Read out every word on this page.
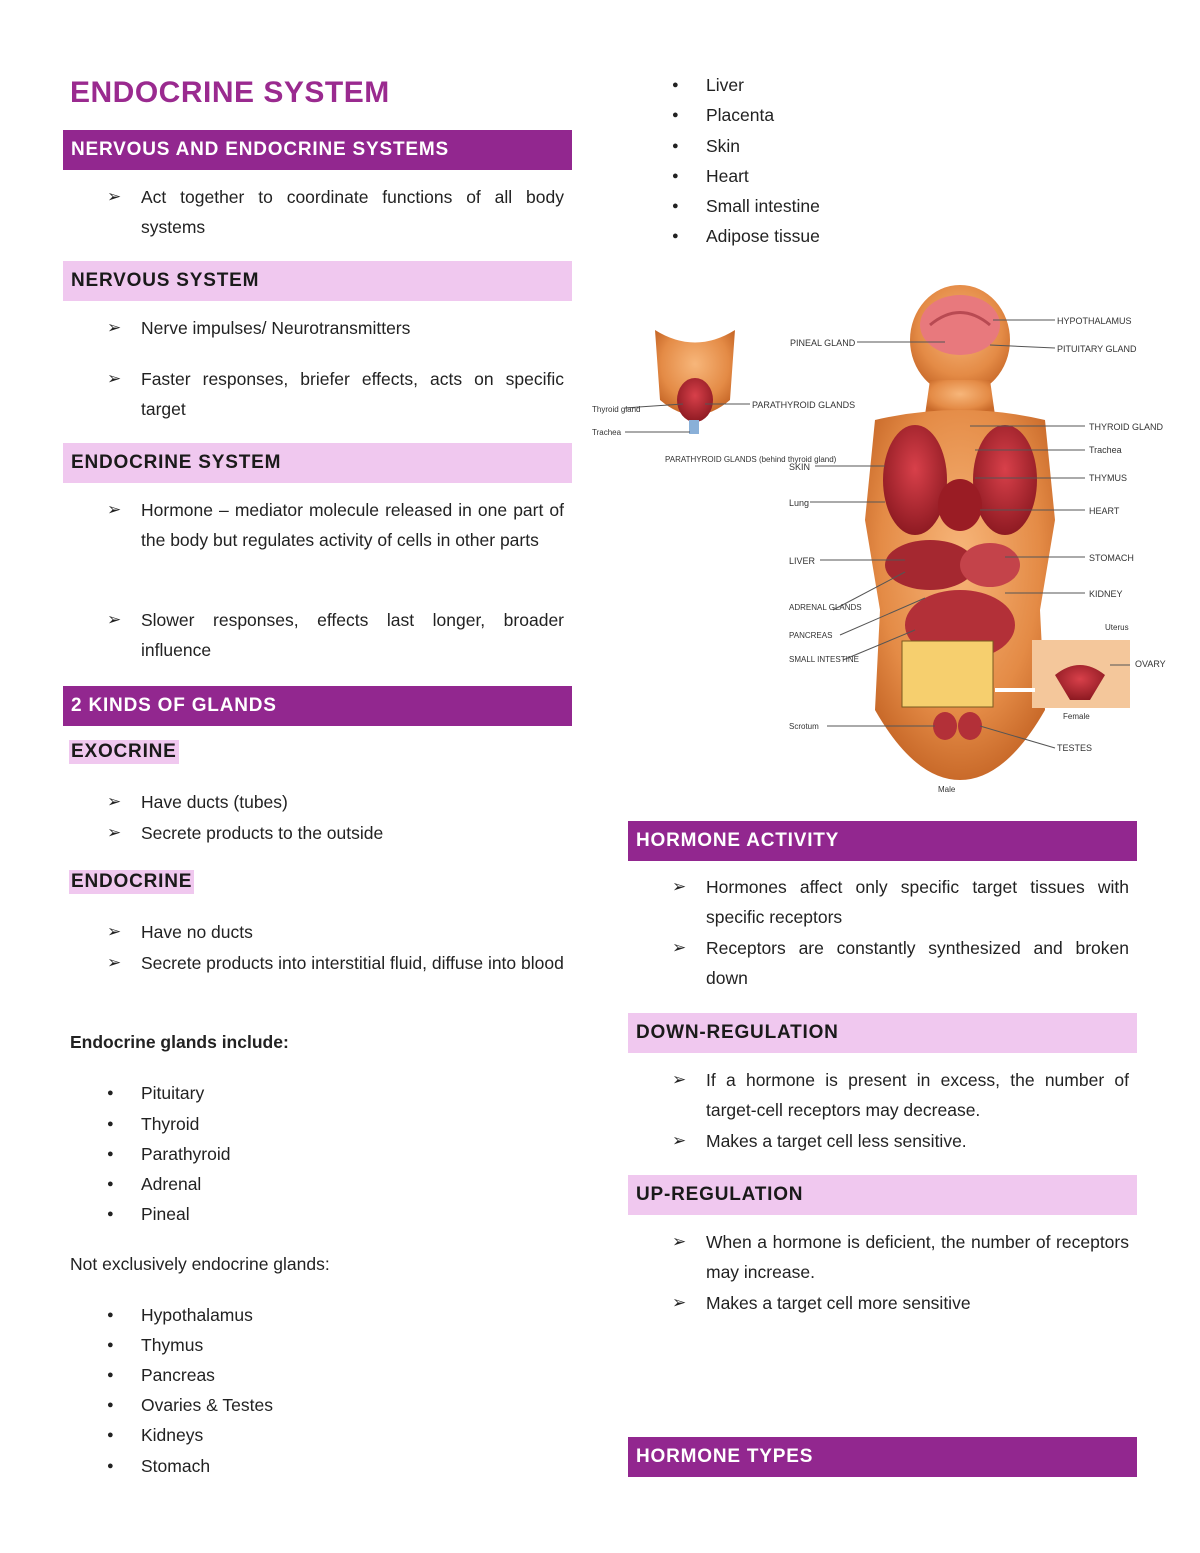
ENDOCRINE SYSTEM
NERVOUS AND ENDOCRINE SYSTEMS
➢ Act together to coordinate functions of all body systems
NERVOUS SYSTEM
➢ Nerve impulses/ Neurotransmitters
➢ Faster responses, briefer effects, acts on specific target
ENDOCRINE SYSTEM
➢ Hormone – mediator molecule released in one part of the body but regulates activity of cells in other parts
➢ Slower responses, effects last longer, broader influence
2 KINDS OF GLANDS
EXOCRINE
➢ Have ducts (tubes)
➢ Secrete products to the outside
ENDOCRINE
➢ Have no ducts
➢ Secrete products into interstitial fluid, diffuse into blood
Endocrine glands include:
● Pituitary
● Thyroid
● Parathyroid
● Adrenal
● Pineal
Not exclusively endocrine glands:
● Hypothalamus
● Thymus
● Pancreas
● Ovaries & Testes
● Kidneys
● Stomach
● Liver
● Placenta
● Skin
● Heart
● Small intestine
● Adipose tissue
HYPOTHALAMUS
PINEAL GLAND
PITUITARY GLAND
PARATHYROID GLANDS
Thyroid gland
Trachea
PARATHYROID GLANDS (behind thyroid gland)
THYROID GLAND
Trachea
SKIN
THYMUS
Lung
HEART
LIVER	STOMACH
KIDNEY
ADRENAL GLANDS
Uterus
PANCREAS
OVARY
SMALL INTESTINE
Female
Scrotum
TESTES
Male
HORMONE ACTIVITY
➢ Hormones affect only specific target tissues with specific receptors
➢ Receptors are constantly synthesized and broken down
DOWN-REGULATION
➢ If a hormone is present in excess, the number of target-cell receptors may decrease.
➢ Makes a target cell less sensitive.
UP-REGULATION
➢ When a hormone is deficient, the number of receptors may increase.
➢ Makes a target cell more sensitive
HORMONE TYPES
